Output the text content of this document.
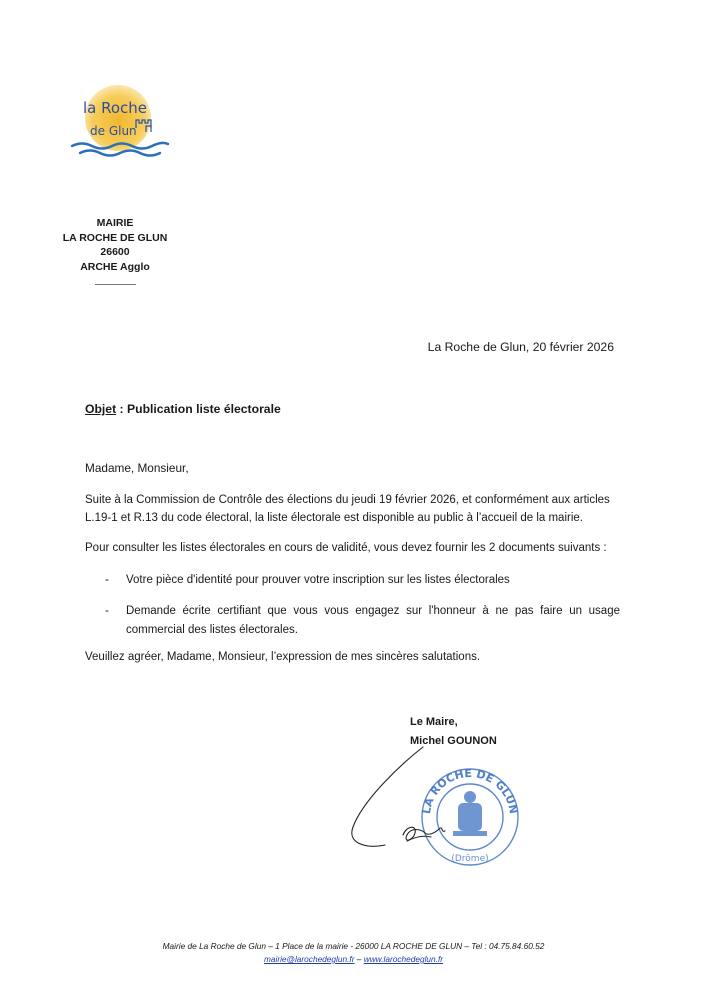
la Roche
de Glun
MAIRIE
LA ROCHE DE GLUN
26600
ARCHE Agglo
La Roche de Glun, 20 février 2026
Objet : Publication liste électorale
Madame, Monsieur,
Suite à la Commission de Contrôle des élections du jeudi 19 février 2026, et conformément aux articles
L.19-1 et R.13 du code électoral, la liste électorale est disponible au public à l’accueil de la mairie.
Pour consulter les listes électorales en cours de validité, vous devez fournir les 2 documents suivants :
- Votre pièce d'identité pour prouver votre inscription sur les listes électorales
- Demande écrite certifiant que vous vous engagez sur l'honneur à ne pas faire un usage
commercial des listes électorales.
Veuillez agréer, Madame, Monsieur, l’expression de mes sincères salutations.
Le Maire,
Michel GOUNON
LA ROCHE DE GLUN
(Drôme)
Mairie de La Roche de Glun – 1 Place de la mairie - 26000 LA ROCHE DE GLUN – Tel : 04.75.84.60.52
mairie@larochedeglun.fr – www.larochedeglun.fr
